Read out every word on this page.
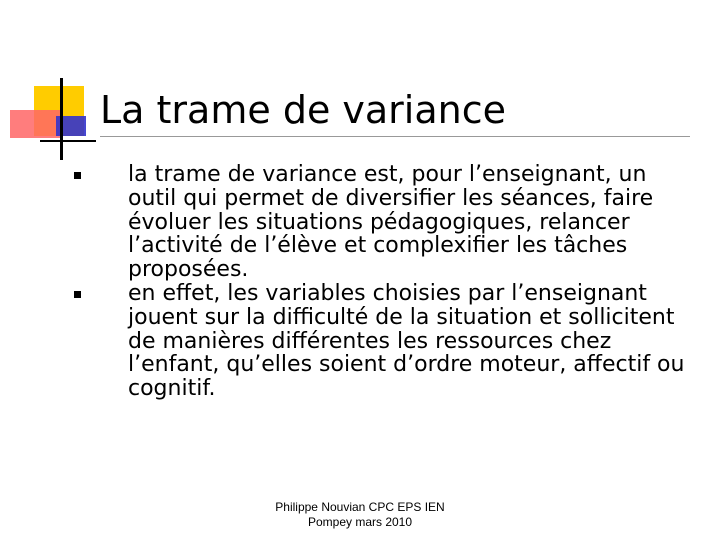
La trame de variance
la trame de variance est, pour l’enseignant, un outil qui permet de diversifier les séances, faire évoluer les situations pédagogiques, relancer l’activité de l’élève et complexifier les tâches proposées.
en effet, les variables choisies par l’enseignant jouent sur la difficulté de la situation et sollicitent de manières différentes les ressources chez l’enfant, qu’elles soient d’ordre moteur, affectif ou cognitif.
Philippe Nouvian CPC EPS IEN
Pompey mars 2010
